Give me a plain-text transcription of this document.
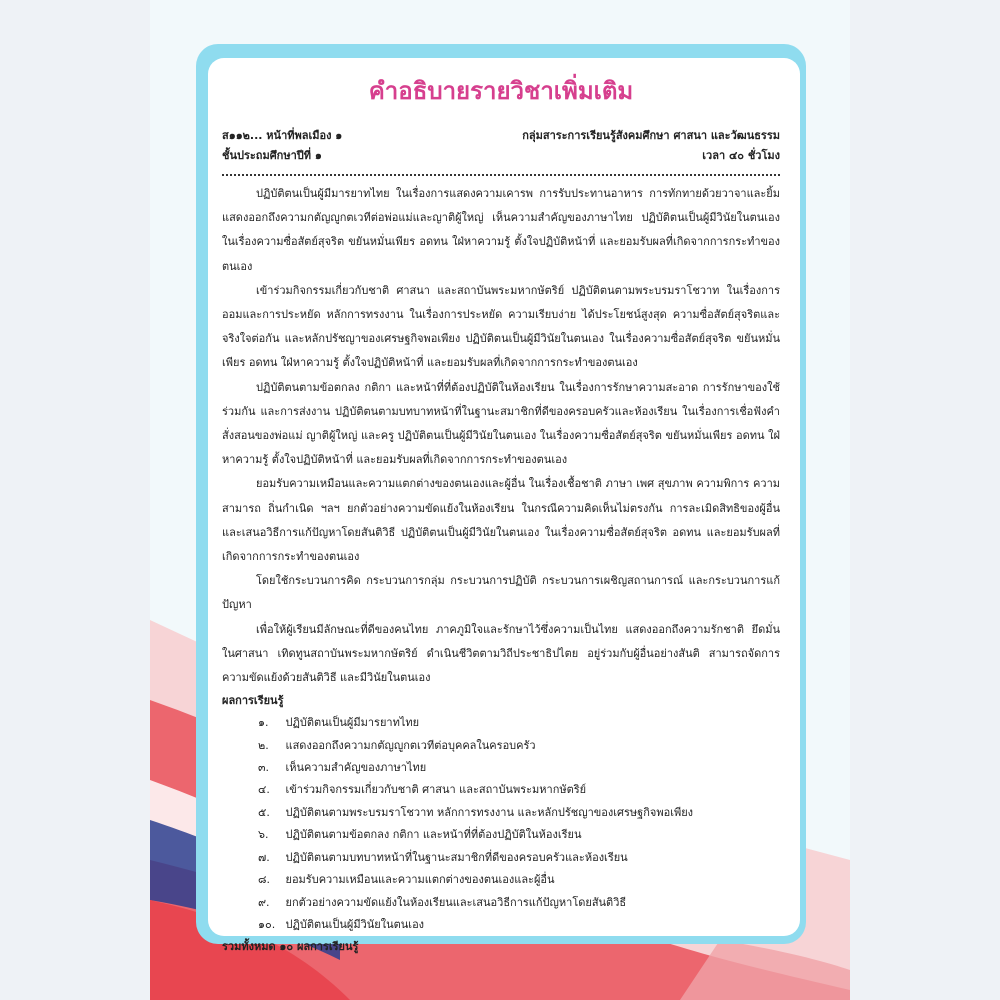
คำอธิบายรายวิชาเพิ่มเติม
ส๑๑๒... หน้าที่พลเมือง ๑	กลุ่มสาระการเรียนรู้สังคมศึกษา ศาสนา และวัฒนธรรม
ชั้นประถมศึกษาปีที่ ๑	เวลา ๔๐ ชั่วโมง

ปฏิบัติตนเป็นผู้มีมารยาทไทย ในเรื่องการแสดงความเคารพ การรับประทานอาหาร การทักทายด้วยวาจาและยิ้ม แสดงออกถึงความกตัญญูกตเวทีต่อพ่อแม่และญาติผู้ใหญ่ เห็นความสำคัญของภาษาไทย ปฏิบัติตนเป็นผู้มีวินัยในตนเอง ในเรื่องความซื่อสัตย์สุจริต ขยันหมั่นเพียร อดทน ใฝ่หาความรู้ ตั้งใจปฏิบัติหน้าที่ และยอมรับผลที่เกิดจากการกระทำของตนเอง

เข้าร่วมกิจกรรมเกี่ยวกับชาติ ศาสนา และสถาบันพระมหากษัตริย์ ปฏิบัติตนตามพระบรมราโชวาท ในเรื่องการออมและการประหยัด หลักการทรงงาน ในเรื่องการประหยัด ความเรียบง่าย ได้ประโยชน์สูงสุด ความซื่อสัตย์สุจริตและจริงใจต่อกัน และหลักปรัชญาของเศรษฐกิจพอเพียง ปฏิบัติตนเป็นผู้มีวินัยในตนเอง ในเรื่องความซื่อสัตย์สุจริต ขยันหมั่นเพียร อดทน ใฝ่หาความรู้ ตั้งใจปฏิบัติหน้าที่ และยอมรับผลที่เกิดจากการกระทำของตนเอง

ปฏิบัติตนตามข้อตกลง กติกา และหน้าที่ที่ต้องปฏิบัติในห้องเรียน ในเรื่องการรักษาความสะอาด การรักษาของใช้ร่วมกัน และการส่งงาน ปฏิบัติตนตามบทบาทหน้าที่ในฐานะสมาชิกที่ดีของครอบครัวและห้องเรียน ในเรื่องการเชื่อฟังคำสั่งสอนของพ่อแม่ ญาติผู้ใหญ่ และครู ปฏิบัติตนเป็นผู้มีวินัยในตนเอง ในเรื่องความซื่อสัตย์สุจริต ขยันหมั่นเพียร อดทน ใฝ่หาความรู้ ตั้งใจปฏิบัติหน้าที่ และยอมรับผลที่เกิดจากการกระทำของตนเอง

ยอมรับความเหมือนและความแตกต่างของตนเองและผู้อื่น ในเรื่องเชื้อชาติ ภาษา เพศ สุขภาพ ความพิการ ความสามารถ ถิ่นกำเนิด ฯลฯ ยกตัวอย่างความขัดแย้งในห้องเรียน ในกรณีความคิดเห็นไม่ตรงกัน การละเมิดสิทธิของผู้อื่น และเสนอวิธีการแก้ปัญหาโดยสันติวิธี ปฏิบัติตนเป็นผู้มีวินัยในตนเอง ในเรื่องความซื่อสัตย์สุจริต อดทน และยอมรับผลที่เกิดจากการกระทำของตนเอง

โดยใช้กระบวนการคิด กระบวนการกลุ่ม กระบวนการปฏิบัติ กระบวนการเผชิญสถานการณ์ และกระบวนการแก้ปัญหา

เพื่อให้ผู้เรียนมีลักษณะที่ดีของคนไทย ภาคภูมิใจและรักษาไว้ซึ่งความเป็นไทย แสดงออกถึงความรักชาติ ยึดมั่นในศาสนา เทิดทูนสถาบันพระมหากษัตริย์ ดำเนินชีวิตตามวิถีประชาธิปไตย อยู่ร่วมกับผู้อื่นอย่างสันติ สามารถจัดการความขัดแย้งด้วยสันติวิธี และมีวินัยในตนเอง

ผลการเรียนรู้
๑. ปฏิบัติตนเป็นผู้มีมารยาทไทย
๒. แสดงออกถึงความกตัญญูกตเวทีต่อบุคคลในครอบครัว
๓. เห็นความสำคัญของภาษาไทย
๔. เข้าร่วมกิจกรรมเกี่ยวกับชาติ ศาสนา และสถาบันพระมหากษัตริย์
๕. ปฏิบัติตนตามพระบรมราโชวาท หลักการทรงงาน และหลักปรัชญาของเศรษฐกิจพอเพียง
๖. ปฏิบัติตนตามข้อตกลง กติกา และหน้าที่ที่ต้องปฏิบัติในห้องเรียน
๗. ปฏิบัติตนตามบทบาทหน้าที่ในฐานะสมาชิกที่ดีของครอบครัวและห้องเรียน
๘. ยอมรับความเหมือนและความแตกต่างของตนเองและผู้อื่น
๙. ยกตัวอย่างความขัดแย้งในห้องเรียนและเสนอวิธีการแก้ปัญหาโดยสันติวิธี
๑๐. ปฏิบัติตนเป็นผู้มีวินัยในตนเอง
รวมทั้งหมด ๑๐ ผลการเรียนรู้
